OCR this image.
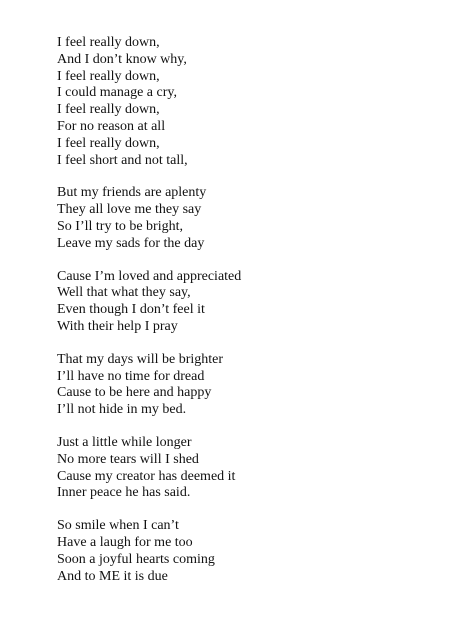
I feel really down,
And I don’t know why,
I feel really down,
I could manage a cry,
I feel really down,
For no reason at all
I feel really down,
I feel short and not tall,
But my friends are aplenty
They all love me they say
So I’ll try to be bright,
Leave my sads for the day
Cause I’m loved and appreciated
Well that what they say,
Even though I don’t feel it
With their help I pray
That my days will be brighter
I’ll have no time for dread
Cause to be here and happy
I’ll not hide in my bed.
Just a little while longer
No more tears will I shed
Cause my creator has deemed it
Inner peace he has said.
So smile when I can’t
Have a laugh for me too
Soon a joyful hearts coming
And to ME it is due
